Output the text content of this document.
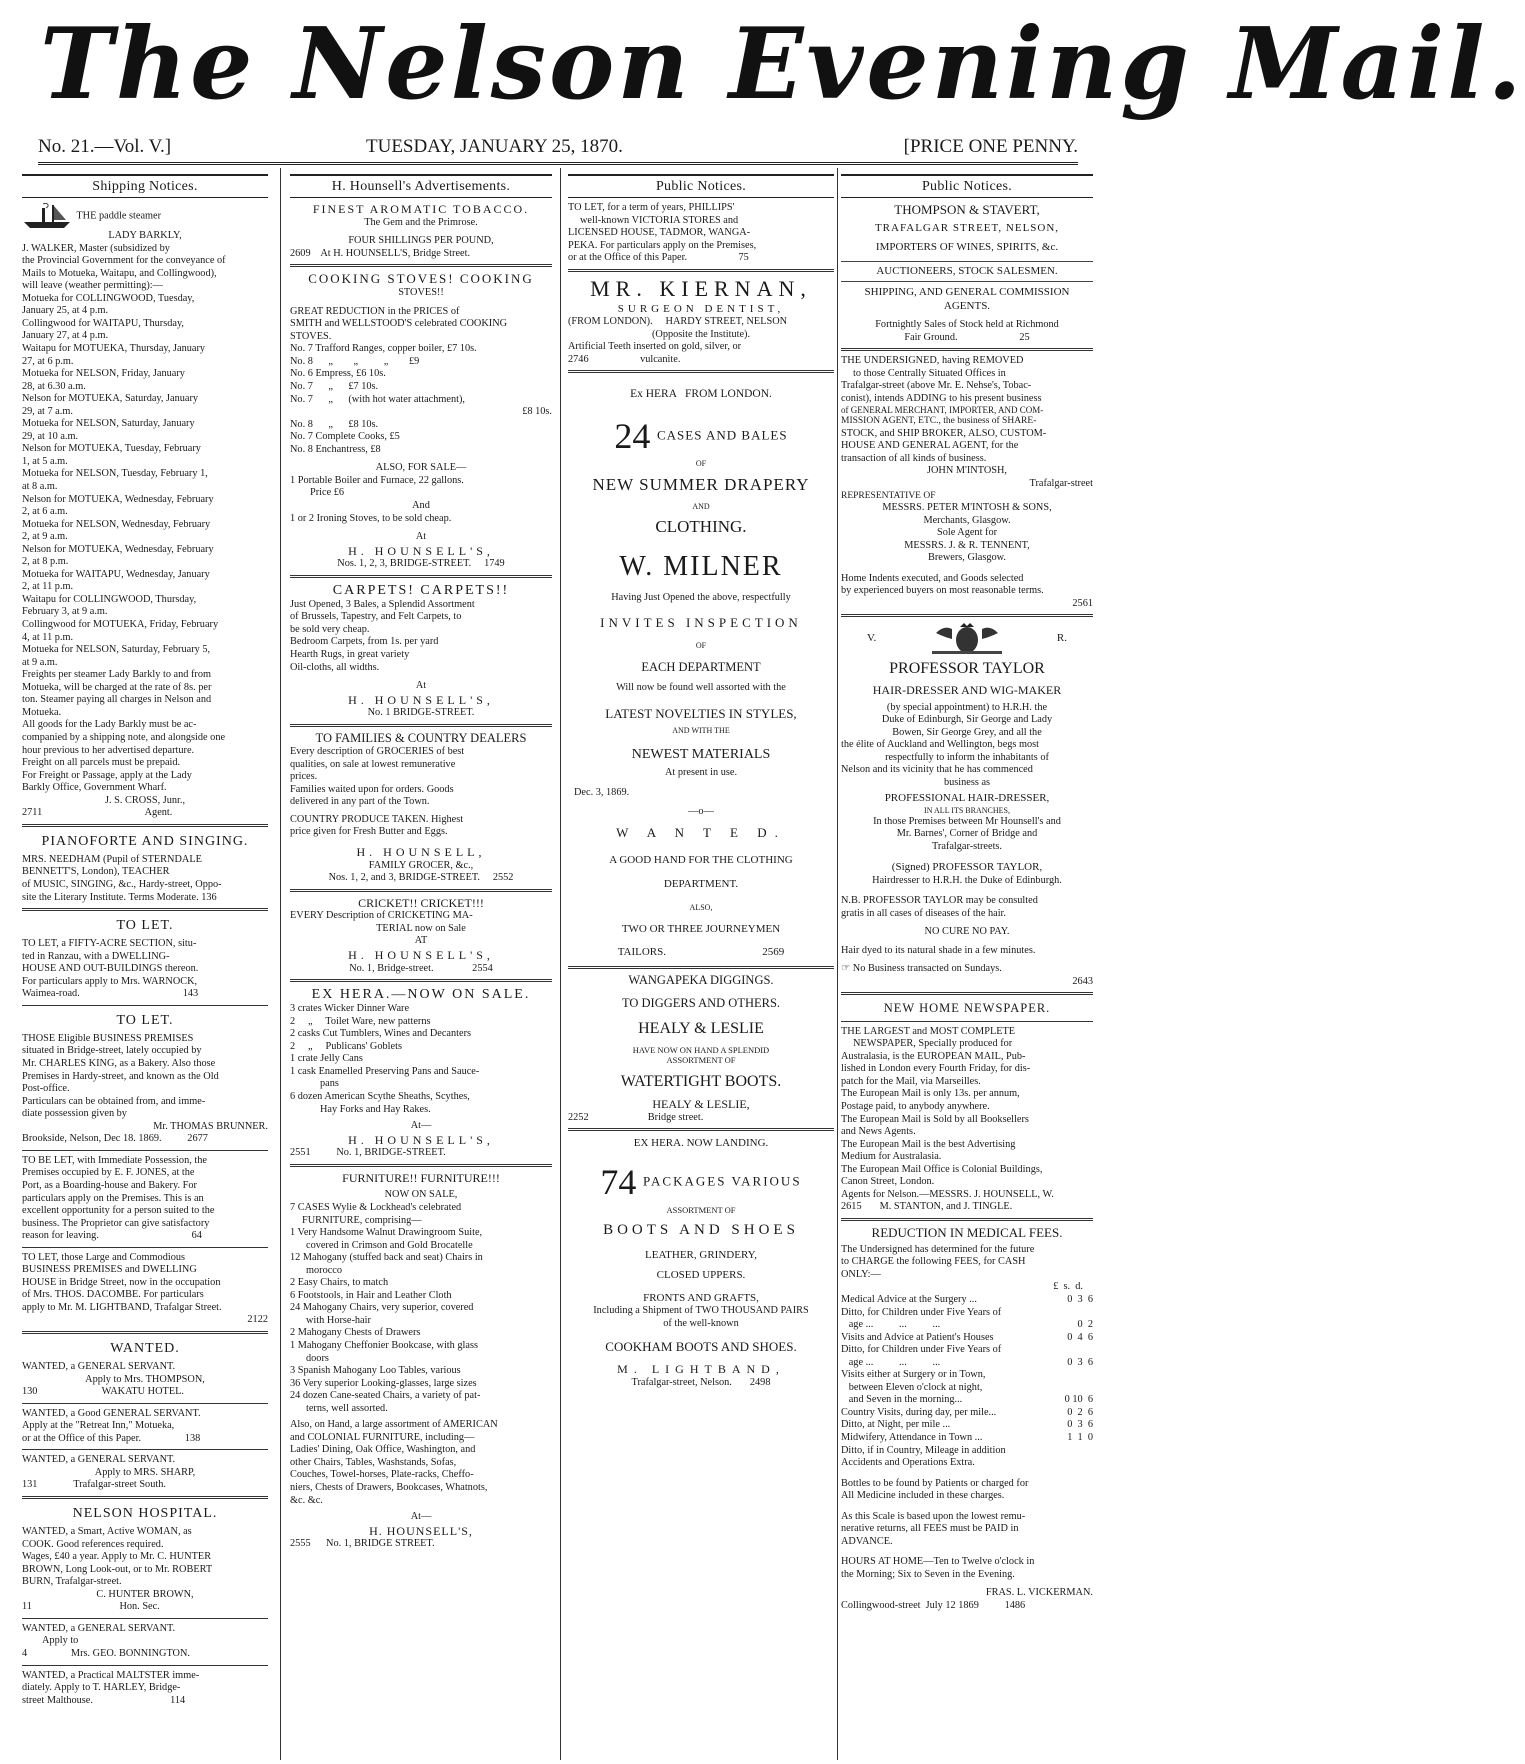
The Nelson Evening Mail.
No. 21.—Vol. V.]	TUESDAY, JANUARY 25, 1870.	[PRICE ONE PENNY.
Shipping Notices.
THE paddle steamer
LADY BARKLY,
J. WALKER, Master (subsidized by
the Provincial Government for the conveyance of
Mails to Motueka, Waitapu, and Collingwood),
will leave (weather permitting):—
Motueka for COLLINGWOOD, Tuesday,
January 25, at 4 p.m.
Collingwood for WAITAPU, Thursday,
January 27, at 4 p.m.
Waitapu for MOTUEKA, Thursday, January
27, at 6 p.m.
Motueka for NELSON, Friday, January
28, at 6.30 a.m.
Nelson for MOTUEKA, Saturday, January
29, at 7 a.m.
Motueka for NELSON, Saturday, January
29, at 10 a.m.
Nelson for MOTUEKA, Tuesday, February
1, at 5 a.m.
Motueka for NELSON, Tuesday, February 1,
at 8 a.m.
Nelson for MOTUEKA, Wednesday, February
2, at 6 a.m.
Motueka for NELSON, Wednesday, February
2, at 9 a.m.
Nelson for MOTUEKA, Wednesday, February
2, at 8 p.m.
Motueka for WAITAPU, Wednesday, January
2, at 11 p.m.
Waitapu for COLLINGWOOD, Thursday,
February 3, at 9 a.m.
Collingwood for MOTUEKA, Friday, February
4, at 11 p.m.
Motueka for NELSON, Saturday, February 5,
at 9 a.m.
Freights per steamer Lady Barkly to and from
Motueka, will be charged at the rate of 8s. per
ton. Steamer paying all charges in Nelson and
Motueka.
All goods for the Lady Barkly must be ac-
companied by a shipping note, and alongside one
hour previous to her advertised departure.
Freight on all parcels must be prepaid.
For Freight or Passage, apply at the Lady
Barkly Office, Government Wharf.
J. S. CROSS, Junr.,
2711                                        Agent.
PIANOFORTE AND SINGING.
MRS. NEEDHAM (Pupil of STERNDALE
BENNETT'S, London), TEACHER
of MUSIC, SINGING, &c., Hardy-street, Oppo-
site the Literary Institute. Terms Moderate. 136
TO LET.
TO LET, a FIFTY-ACRE SECTION, situ-
ted in Ranzau, with a DWELLING-
HOUSE AND OUT-BUILDINGS thereon.
For particulars apply to Mrs. WARNOCK,
Waimea-road.                                        143
TO LET.
THOSE Eligible BUSINESS PREMISES
situated in Bridge-street, lately occupied by
Mr. CHARLES KING, as a Bakery. Also those
Premises in Hardy-street, and known as the Old
Post-office.
Particulars can be obtained from, and imme-
diate possession given by
Mr. THOMAS BRUNNER.
Brookside, Nelson, Dec 18. 1869.          2677
TO BE LET, with Immediate Possession, the
Premises occupied by E. F. JONES, at the
Port, as a Boarding-house and Bakery. For
particulars apply on the Premises. This is an
excellent opportunity for a person suited to the
business. The Proprietor can give satisfactory
reason for leaving.                                    64
TO LET, those Large and Commodious
BUSINESS PREMISES and DWELLING
HOUSE in Bridge Street, now in the occupation
of Mrs. THOS. DACOMBE. For particulars
apply to Mr. M. LIGHTBAND, Trafalgar Street.
2122
WANTED.
WANTED, a GENERAL SERVANT.
Apply to Mrs. THOMPSON,
130                         WAKATU HOTEL.
WANTED, a Good GENERAL SERVANT.
Apply at the "Retreat Inn," Motueka,
or at the Office of this Paper.                 138
WANTED, a GENERAL SERVANT.
Apply to MRS. SHARP,
131              Trafalgar-street South.
NELSON HOSPITAL.
WANTED, a Smart, Active WOMAN, as
COOK. Good references required.
Wages, £40 a year. Apply to Mr. C. HUNTER
BROWN, Long Look-out, or to Mr. ROBERT
BURN, Trafalgar-street.
C. HUNTER BROWN,
11                                  Hon. Sec.
WANTED, a GENERAL SERVANT.
Apply to
4                 Mrs. GEO. BONNINGTON.
WANTED, a Practical MALTSTER imme-
diately. Apply to T. HARLEY, Bridge-
street Malthouse.                              114
H. Hounsell's Advertisements.
FINEST AROMATIC TOBACCO.
The Gem and the Primrose.
FOUR SHILLINGS PER POUND,
2609    At H. HOUNSELL'S, Bridge Street.
COOKING STOVES! COOKING
STOVES!!
GREAT REDUCTION in the PRICES of
SMITH and WELLSTOOD'S celebrated COOKING
STOVES.
No. 7 Trafford Ranges, copper boiler, £7 10s.
No. 8      „        „          „        £9
No. 6 Empress, £6 10s.
No. 7      „      £7 10s.
No. 7      „      (with hot water attachment),
£8 10s.
No. 8      „      £8 10s.
No. 7 Complete Cooks, £5
No. 8 Enchantress, £8
ALSO, FOR SALE—
1 Portable Boiler and Furnace, 22 gallons.
Price £6
And
1 or 2 Ironing Stoves, to be sold cheap.
At
H. HOUNSELL'S,
Nos. 1, 2, 3, BRIDGE-STREET.     1749
CARPETS! CARPETS!!
Just Opened, 3 Bales, a Splendid Assortment
of Brussels, Tapestry, and Felt Carpets, to
be sold very cheap.
Bedroom Carpets, from 1s. per yard
Hearth Rugs, in great variety
Oil-cloths, all widths.
At
H. HOUNSELL'S,
No. 1 BRIDGE-STREET.
TO FAMILIES & COUNTRY DEALERS
Every description of GROCERIES of best
qualities, on sale at lowest remunerative
prices.
Families waited upon for orders. Goods
delivered in any part of the Town.
COUNTRY PRODUCE TAKEN. Highest
price given for Fresh Butter and Eggs.
H. HOUNSELL,
FAMILY GROCER, &c.,
Nos. 1, 2, and 3, BRIDGE-STREET.     2552
CRICKET!! CRICKET!!!
EVERY Description of CRICKETING MA-
TERIAL now on Sale
AT
H. HOUNSELL'S,
No. 1, Bridge-street.               2554
EX HERA.—NOW ON SALE.
3 crates Wicker Dinner Ware
2     „     Toilet Ware, new patterns
2 casks Cut Tumblers, Wines and Decanters
2     „     Publicans' Goblets
1 crate Jelly Cans
1 cask Enamelled Preserving Pans and Sauce-
pans
6 dozen American Scythe Sheaths, Scythes,
Hay Forks and Hay Rakes.
At—
H. HOUNSELL'S,
2551          No. 1, BRIDGE-STREET.
FURNITURE!! FURNITURE!!!
NOW ON SALE,
7 CASES Wylie & Lockhead's celebrated
FURNITURE, comprising—
1 Very Handsome Walnut Drawingroom Suite,
covered in Crimson and Gold Brocatelle
12 Mahogany (stuffed back and seat) Chairs in
morocco
2 Easy Chairs, to match
6 Footstools, in Hair and Leather Cloth
24 Mahogany Chairs, very superior, covered
with Horse-hair
2 Mahogany Chests of Drawers
1 Mahogany Cheffonier Bookcase, with glass
doors
3 Spanish Mahogany Loo Tables, various
36 Very superior Looking-glasses, large sizes
24 dozen Cane-seated Chairs, a variety of pat-
terns, well assorted.
Also, on Hand, a large assortment of AMERICAN
and COLONIAL FURNITURE, including—
Ladies' Dining, Oak Office, Washington, and
other Chairs, Tables, Washstands, Sofas,
Couches, Towel-horses, Plate-racks, Cheffo-
niers, Chests of Drawers, Bookcases, Whatnots,
&c. &c.
At—
H. HOUNSELL'S,
2555      No. 1, BRIDGE STREET.
Public Notices.
TO LET, for a term of years, PHILLIPS'
well-known VICTORIA STORES and
LICENSED HOUSE, TADMOR, WANGA-
PEKA. For particulars apply on the Premises,
or at the Office of this Paper.                    75
MR. KIERNAN,
SURGEON DENTIST,
(FROM LONDON).     HARDY STREET, NELSON
(Opposite the Institute).
Artificial Teeth inserted on gold, silver, or
2746                    vulcanite.
Ex HERA   FROM LONDON.
24 CASES AND BALES
OF
NEW SUMMER DRAPERY
AND
CLOTHING.
W. MILNER
Having Just Opened the above, respectfully
INVITES INSPECTION
OF
EACH DEPARTMENT
Will now be found well assorted with the
LATEST NOVELTIES IN STYLES,
AND WITH THE
NEWEST MATERIALS
At present in use.
Dec. 3, 1869.
—o—
W A N T E D.
A GOOD HAND FOR THE CLOTHING
DEPARTMENT.
ALSO,
TWO OR THREE JOURNEYMEN
TAILORS.                                   2569
WANGAPEKA DIGGINGS.
TO DIGGERS AND OTHERS.
HEALY & LESLIE
HAVE NOW ON HAND A SPLENDID
ASSORTMENT OF
WATERTIGHT BOOTS.
HEALY & LESLIE,
2252                       Bridge street.
EX HERA. NOW LANDING.
74 PACKAGES VARIOUS
ASSORTMENT OF
BOOTS AND SHOES
LEATHER, GRINDERY,
CLOSED UPPERS.
FRONTS AND GRAFTS,
Including a Shipment of TWO THOUSAND PAIRS
of the well-known
COOKHAM BOOTS AND SHOES.
M. LIGHTBAND,
Trafalgar-street, Nelson.       2498
Public Notices.
THOMPSON & STAVERT,
TRAFALGAR STREET, NELSON,
IMPORTERS OF WINES, SPIRITS, &c.
AUCTIONEERS, STOCK SALESMEN.
SHIPPING, AND GENERAL COMMISSION
AGENTS.
Fortnightly Sales of Stock held at Richmond
Fair Ground.                        25
THE UNDERSIGNED, having REMOVED
to those Centrally Situated Offices in
Trafalgar-street (above Mr. E. Nehse's, Tobac-
conist), intends ADDING to his present business
of GENERAL MERCHANT, IMPORTER, AND COM-
MISSION AGENT, ETC., the business of SHARE-
STOCK, and SHIP BROKER, ALSO, CUSTOM-
HOUSE AND GENERAL AGENT, for the
transaction of all kinds of business.
JOHN M'INTOSH,
Trafalgar-street
REPRESENTATIVE OF
MESSRS. PETER M'INTOSH & SONS,
Merchants, Glasgow.
Sole Agent for
MESSRS. J. & R. TENNENT,
Brewers, Glasgow.
Home Indents executed, and Goods selected
by experienced buyers on most reasonable terms.
2561
V.	R.
PROFESSOR TAYLOR
HAIR-DRESSER AND WIG-MAKER
(by special appointment) to H.R.H. the
Duke of Edinburgh, Sir George and Lady
Bowen, Sir George Grey, and all the
the élite of Auckland and Wellington, begs most
respectfully to inform the inhabitants of
Nelson and its vicinity that he has commenced
business as
PROFESSIONAL HAIR-DRESSER,
IN ALL ITS BRANCHES,
In those Premises between Mr Hounsell's and
Mr. Barnes', Corner of Bridge and
Trafalgar-streets.
(Signed) PROFESSOR TAYLOR,
Hairdresser to H.R.H. the Duke of Edinburgh.
N.B. PROFESSOR TAYLOR may be consulted
gratis in all cases of diseases of the hair.
NO CURE NO PAY.
Hair dyed to its natural shade in a few minutes.
☞ No Business transacted on Sundays.
2643
NEW HOME NEWSPAPER.
THE LARGEST and MOST COMPLETE
NEWSPAPER, Specially produced for
Australasia, is the EUROPEAN MAIL, Pub-
lished in London every Fourth Friday, for dis-
patch for the Mail, via Marseilles.
The European Mail is only 13s. per annum,
Postage paid, to anybody anywhere.
The European Mail is Sold by all Booksellers
and News Agents.
The European Mail is the best Advertising
Medium for Australasia.
The European Mail Office is Colonial Buildings,
Canon Street, London.
Agents for Nelson.—MESSRS. J. HOUNSELL, W.
2615       M. STANTON, and J. TINGLE.
REDUCTION IN MEDICAL FEES.
The Undersigned has determined for the future
to CHARGE the following FEES, for CASH
ONLY:—
£  s.  d.
Medical Advice at the Surgery ...	0  3  6
Ditto, for Children under Five Years of
age ...          ...          ...	0  2
Visits and Advice at Patient's Houses	0  4  6
Ditto, for Children under Five Years of
age ...          ...          ...	0  3  6
Visits either at Surgery or in Town,
between Eleven o'clock at night,
and Seven in the morning...	0 10  6
Country Visits, during day, per mile...	0  2  6
Ditto, at Night, per mile ...	0  3  6
Midwifery, Attendance in Town ...	1  1  0
Ditto, if in Country, Mileage in addition
Accidents and Operations Extra.
Bottles to be found by Patients or charged for
All Medicine included in these charges.
As this Scale is based upon the lowest remu-
nerative returns, all FEES must be PAID in
ADVANCE.
HOURS AT HOME—Ten to Twelve o'clock in
the Morning; Six to Seven in the Evening.
FRAS. L. VICKERMAN.
Collingwood-street  July 12 1869          1486
